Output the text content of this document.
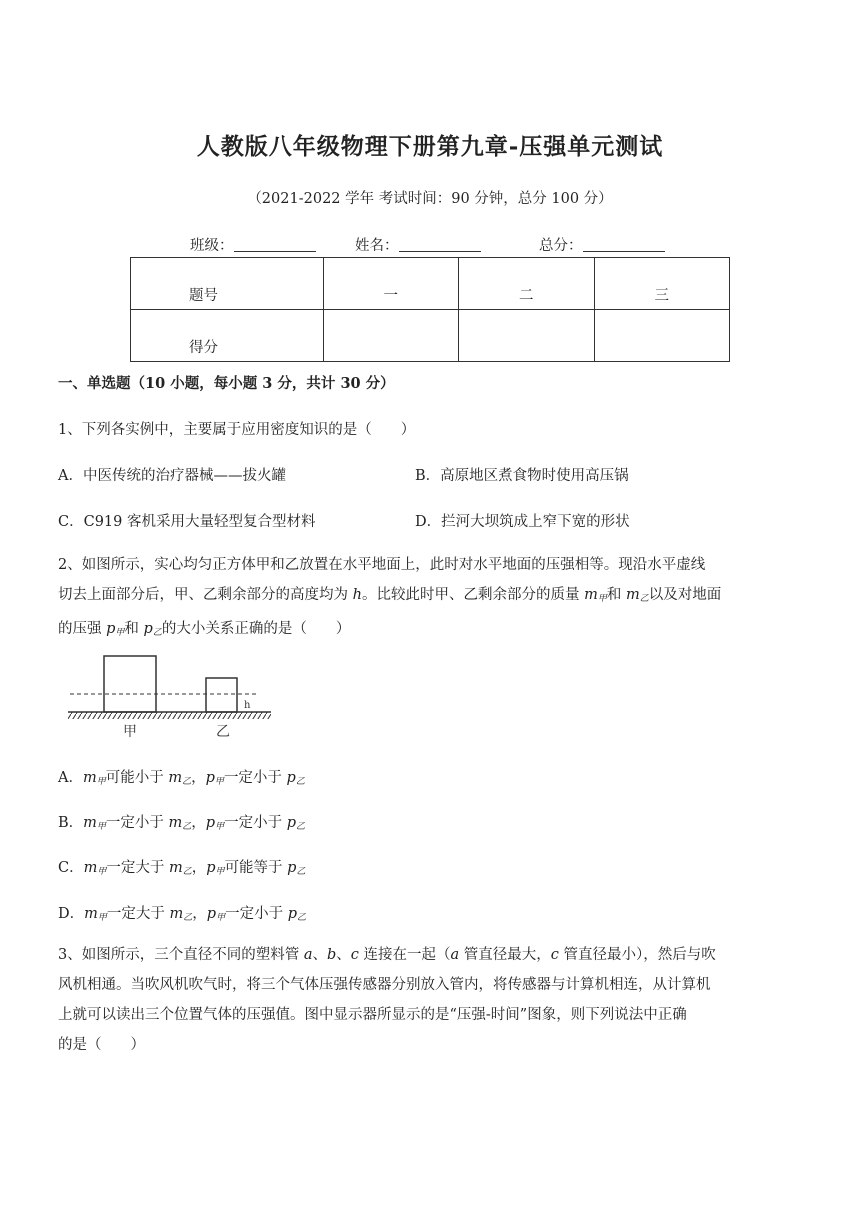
人教版八年级物理下册第九章-压强单元测试
（2021-2022 学年 考试时间：90 分钟，总分 100 分）
班级：	姓名：	总分：
题号	一	二	三
得分			
一、单选题（10 小题，每小题 3 分，共计 30 分）
1、下列各实例中，主要属于应用密度知识的是（　　）
A．中医传统的治疗器械——拔火罐	B．高原地区煮食物时使用高压锅
C．C919 客机采用大量轻型复合型材料	D．拦河大坝筑成上窄下宽的形状
2、如图所示，实心均匀正方体甲和乙放置在水平地面上，此时对水平地面的压强相等。现沿水平虚线
切去上面部分后，甲、乙剩余部分的高度均为 h。比较此时甲、乙剩余部分的质量 $m_甲$和 $m_乙$以及对地面
的压强 $p_甲$和 $p_乙$的大小关系正确的是（　　）
h
甲	乙
A．$m_甲$可能小于 $m_乙$，$p_甲$一定小于 $p_乙$
B．$m_甲$一定小于 $m_乙$，$p_甲$一定小于 $p_乙$
C．$m_甲$一定大于 $m_乙$，$p_甲$可能等于 $p_乙$
D．$m_甲$一定大于 $m_乙$，$p_甲$一定小于 $p_乙$
3、如图所示，三个直径不同的塑料管 a、b、c 连接在一起（a 管直径最大，c 管直径最小），然后与吹
风机相通。当吹风机吹气时，将三个气体压强传感器分别放入管内，将传感器与计算机相连，从计算机
上就可以读出三个位置气体的压强值。图中显示器所显示的是“压强-时间”图象，则下列说法中正确
的是（　　）
